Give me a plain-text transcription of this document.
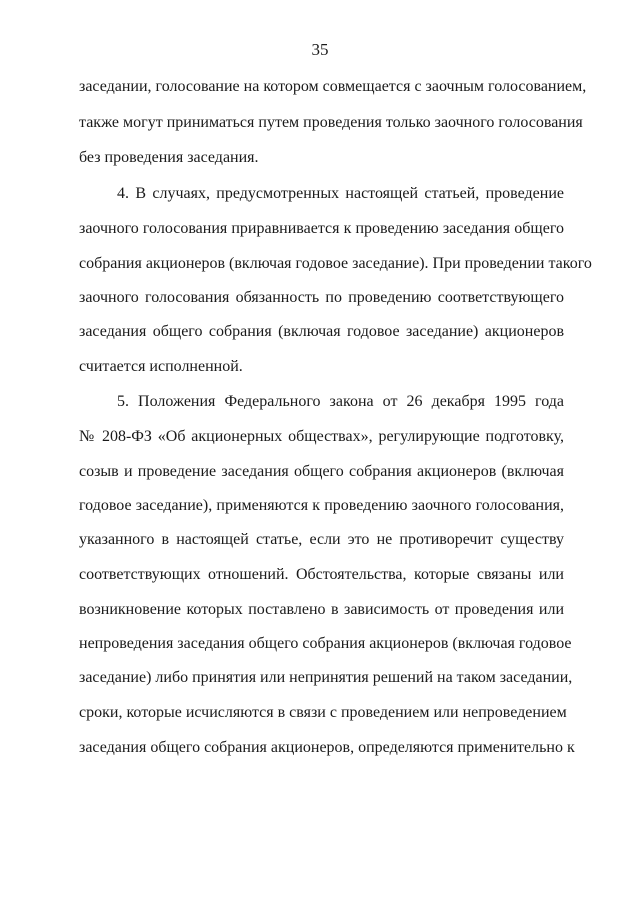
35
заседании, голосование на котором совмещается с заочным голосованием,
также могут приниматься путем проведения только заочного голосования
без проведения заседания.
4. В случаях, предусмотренных настоящей статьей, проведение
заочного голосования приравнивается к проведению заседания общего
собрания акционеров (включая годовое заседание). При проведении такого
заочного голосования обязанность по проведению соответствующего
заседания общего собрания (включая годовое заседание) акционеров
считается исполненной.
5. Положения Федерального закона от 26 декабря 1995 года
№ 208-ФЗ «Об акционерных обществах», регулирующие подготовку,
созыв и проведение заседания общего собрания акционеров (включая
годовое заседание), применяются к проведению заочного голосования,
указанного в настоящей статье, если это не противоречит существу
соответствующих отношений. Обстоятельства, которые связаны или
возникновение которых поставлено в зависимость от проведения или
непроведения заседания общего собрания акционеров (включая годовое
заседание) либо принятия или непринятия решений на таком заседании,
сроки, которые исчисляются в связи с проведением или непроведением
заседания общего собрания акционеров, определяются применительно к
